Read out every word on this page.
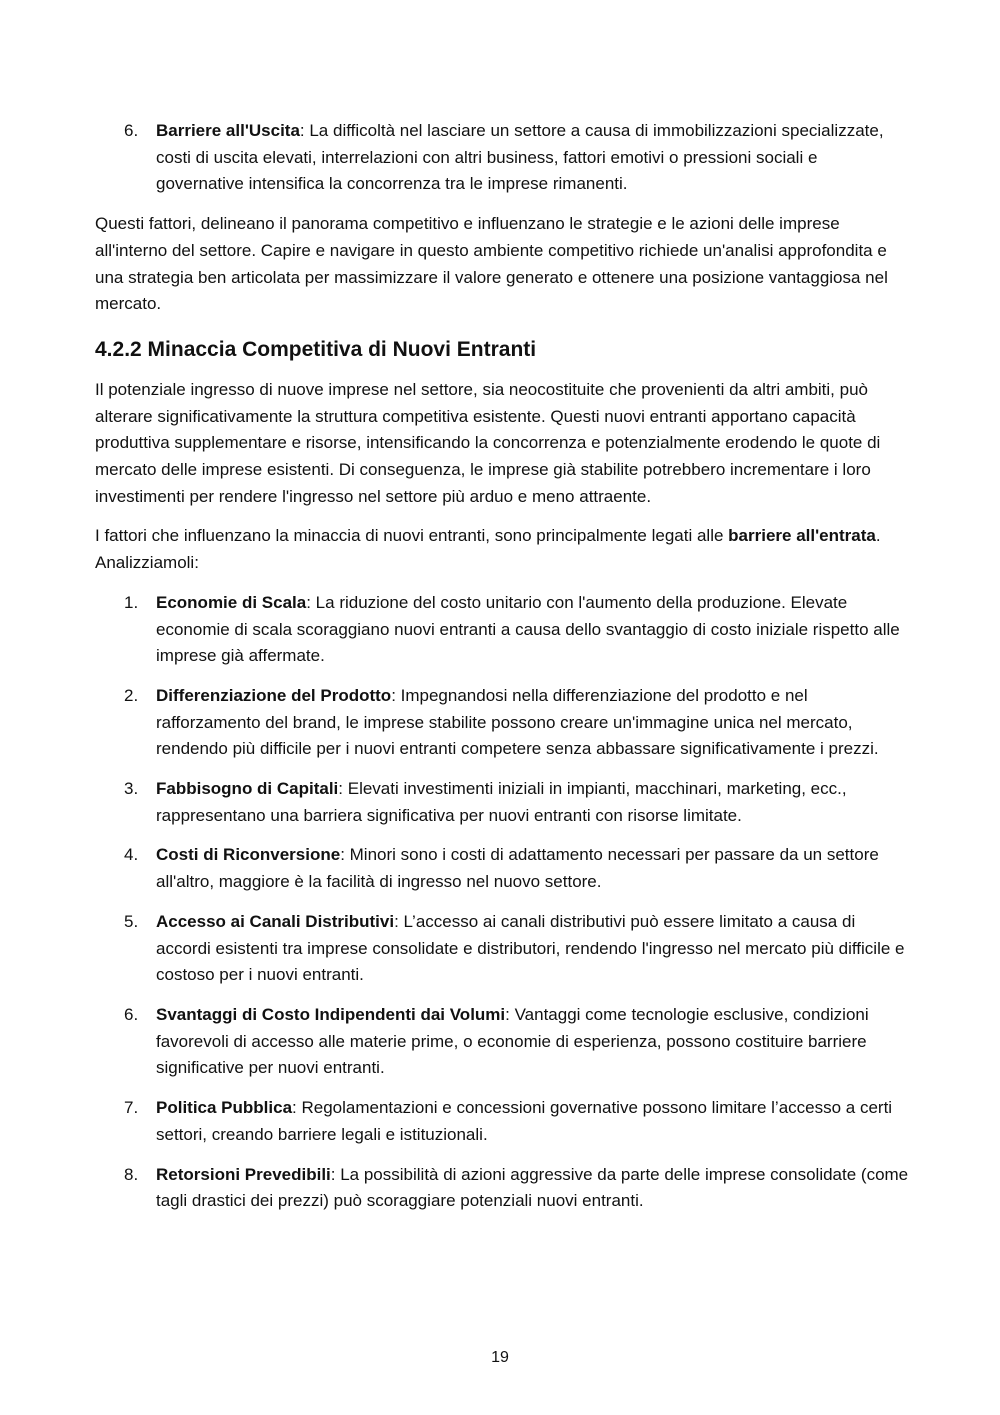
6. Barriere all'Uscita: La difficoltà nel lasciare un settore a causa di immobilizzazioni specializzate, costi di uscita elevati, interrelazioni con altri business, fattori emotivi o pressioni sociali e governative intensifica la concorrenza tra le imprese rimanenti.

Questi fattori, delineano il panorama competitivo e influenzano le strategie e le azioni delle imprese all'interno del settore. Capire e navigare in questo ambiente competitivo richiede un'analisi approfondita e una strategia ben articolata per massimizzare il valore generato e ottenere una posizione vantaggiosa nel mercato.

4.2.2 Minaccia Competitiva di Nuovi Entranti

Il potenziale ingresso di nuove imprese nel settore, sia neocostituite che provenienti da altri ambiti, può alterare significativamente la struttura competitiva esistente. Questi nuovi entranti apportano capacità produttiva supplementare e risorse, intensificando la concorrenza e potenzialmente erodendo le quote di mercato delle imprese esistenti. Di conseguenza, le imprese già stabilite potrebbero incrementare i loro investimenti per rendere l'ingresso nel settore più arduo e meno attraente.

I fattori che influenzano la minaccia di nuovi entranti, sono principalmente legati alle barriere all'entrata. Analizziamoli:

1. Economie di Scala: La riduzione del costo unitario con l'aumento della produzione. Elevate economie di scala scoraggiano nuovi entranti a causa dello svantaggio di costo iniziale rispetto alle imprese già affermate.
2. Differenziazione del Prodotto: Impegnandosi nella differenziazione del prodotto e nel rafforzamento del brand, le imprese stabilite possono creare un'immagine unica nel mercato, rendendo più difficile per i nuovi entranti competere senza abbassare significativamente i prezzi.
3. Fabbisogno di Capitali: Elevati investimenti iniziali in impianti, macchinari, marketing, ecc., rappresentano una barriera significativa per nuovi entranti con risorse limitate.
4. Costi di Riconversione: Minori sono i costi di adattamento necessari per passare da un settore all'altro, maggiore è la facilità di ingresso nel nuovo settore.
5. Accesso ai Canali Distributivi: L’accesso ai canali distributivi può essere limitato a causa di accordi esistenti tra imprese consolidate e distributori, rendendo l'ingresso nel mercato più difficile e costoso per i nuovi entranti.
6. Svantaggi di Costo Indipendenti dai Volumi: Vantaggi come tecnologie esclusive, condizioni favorevoli di accesso alle materie prime, o economie di esperienza, possono costituire barriere significative per nuovi entranti.
7. Politica Pubblica: Regolamentazioni e concessioni governative possono limitare l’accesso a certi settori, creando barriere legali e istituzionali.
8. Retorsioni Prevedibili: La possibilità di azioni aggressive da parte delle imprese consolidate (come tagli drastici dei prezzi) può scoraggiare potenziali nuovi entranti.
19
